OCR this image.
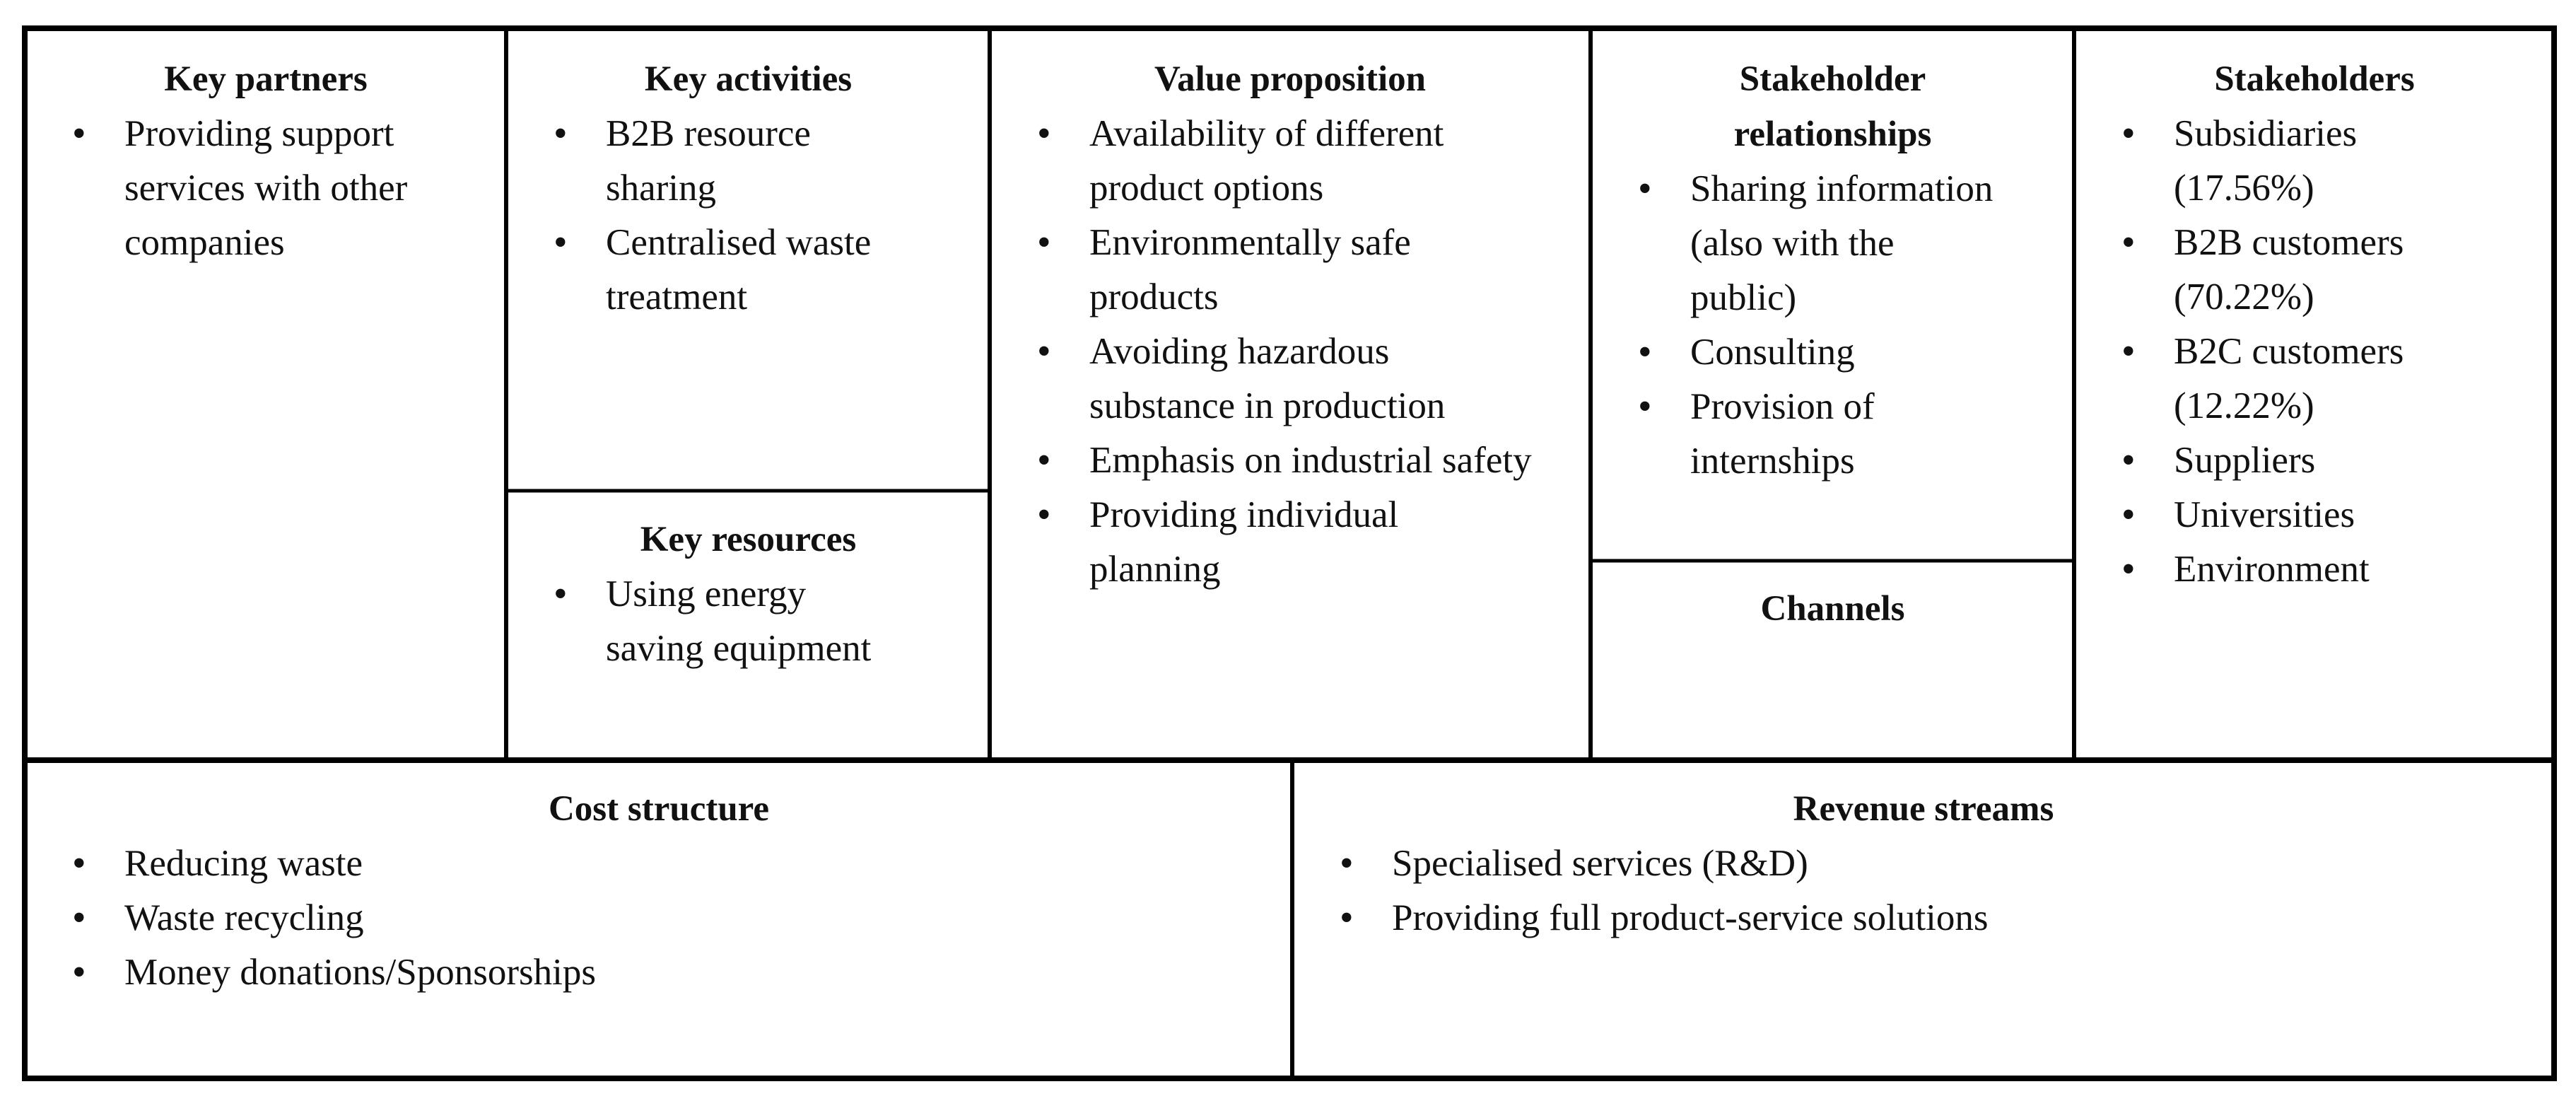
Key partners
• Providing support services with other companies
Key activities
• B2B resource sharing
• Centralised waste treatment
Key resources
• Using energy saving equipment
Value proposition
• Availability of different product options
• Environmentally safe products
• Avoiding hazardous substance in production
• Emphasis on industrial safety
• Providing individual planning
Stakeholder
relationships
• Sharing information (also with the public)
• Consulting
• Provision of internships
Channels
Stakeholders
• Subsidiaries (17.56%)
• B2B customers (70.22%)
• B2C customers (12.22%)
• Suppliers
• Universities
• Environment
Cost structure
• Reducing waste
• Waste recycling
• Money donations/Sponsorships
Revenue streams
• Specialised services (R&D)
• Providing full product-service solutions
